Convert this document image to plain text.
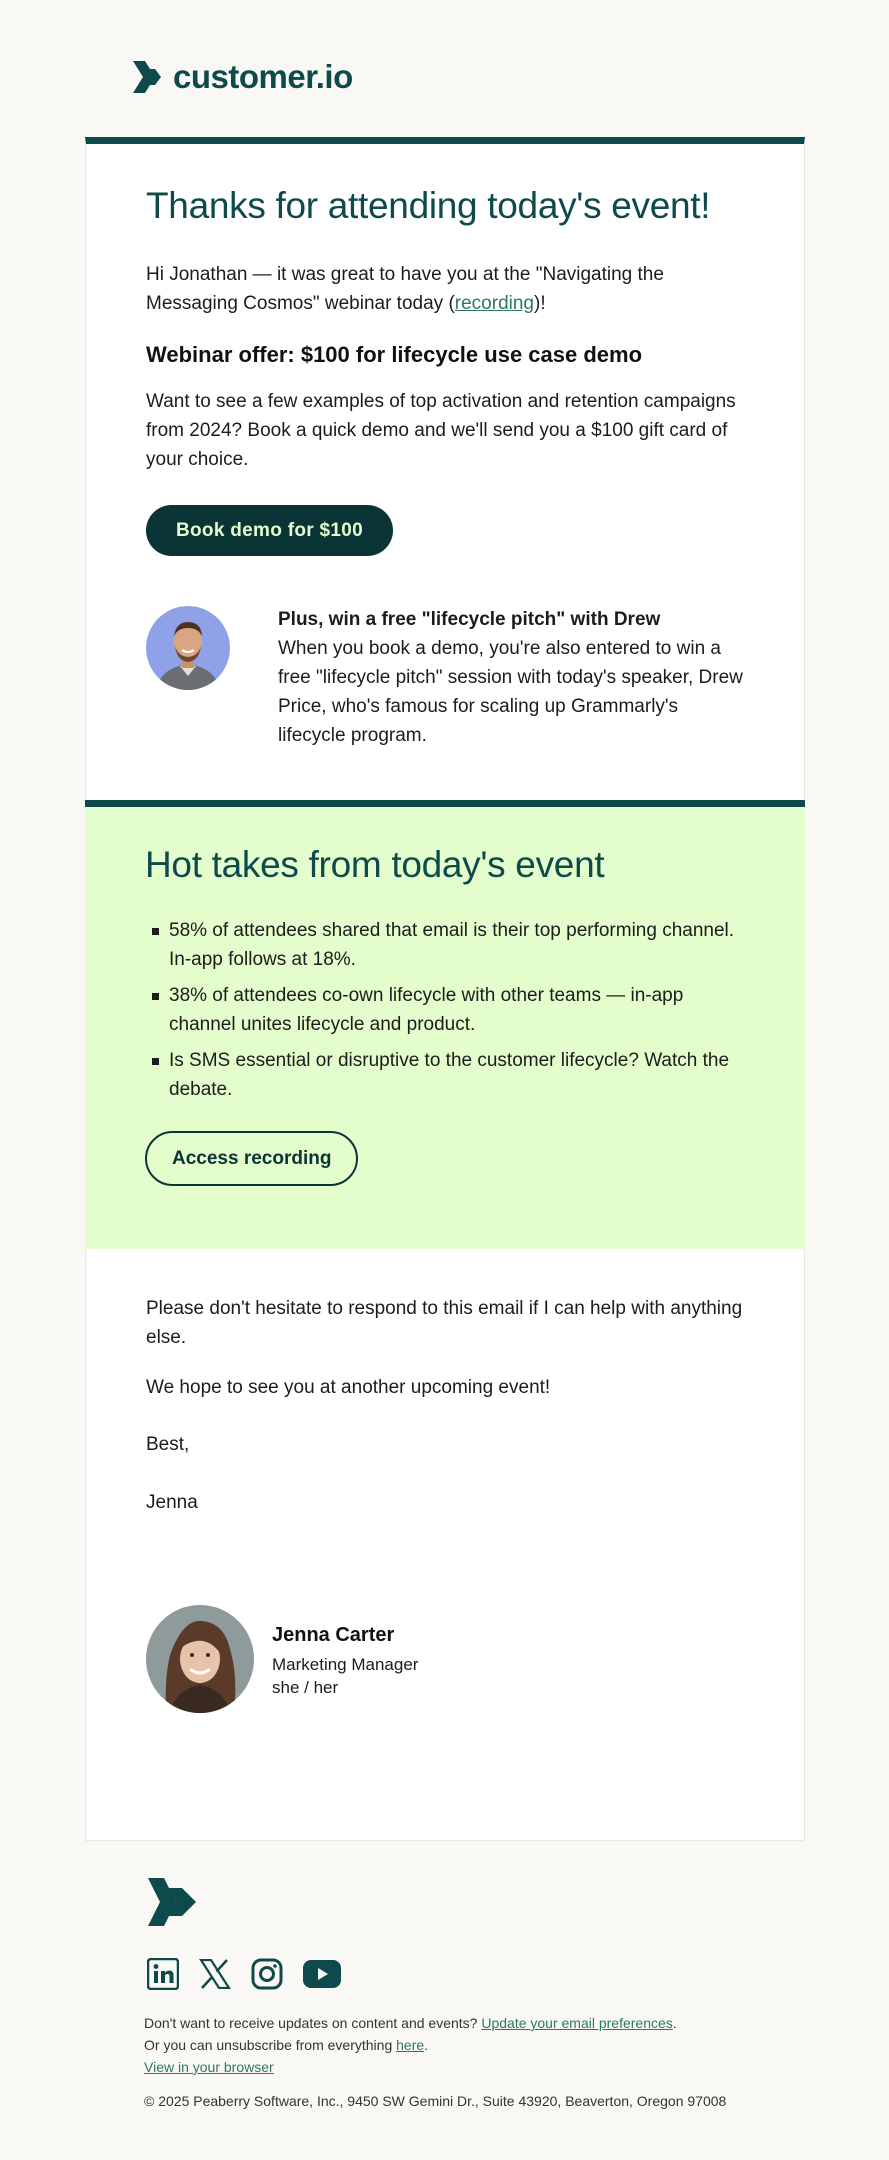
customer.io
Thanks for attending today's event!

Hi Jonathan — it was great to have you at the "Navigating the Messaging Cosmos" webinar today (recording)!

Webinar offer: $100 for lifecycle use case demo

Want to see a few examples of top activation and retention campaigns from 2024? Book a quick demo and we'll send you a $100 gift card of your choice.

Book demo for $100

Plus, win a free "lifecycle pitch" with Drew

When you book a demo, you're also entered to win a free "lifecycle pitch" session with today's speaker, Drew Price, who's famous for scaling up Grammarly's lifecycle program.

Hot takes from today's event
58% of attendees shared that email is their top performing channel. In-app follows at 18%.
38% of attendees co-own lifecycle with other teams — in-app channel unites lifecycle and product.
Is SMS essential or disruptive to the customer lifecycle? Watch the debate.
Access recording

Please don't hesitate to respond to this email if I can help with anything else.

We hope to see you at another upcoming event!

Best,

Jenna

Jenna Carter
Marketing Manager
she / her

Don't want to receive updates on content and events? Update your email preferences.

Or you can unsubscribe from everything here.

View in your browser

© 2025 Peaberry Software, Inc., 9450 SW Gemini Dr., Suite 43920, Beaverton, Oregon 97008
